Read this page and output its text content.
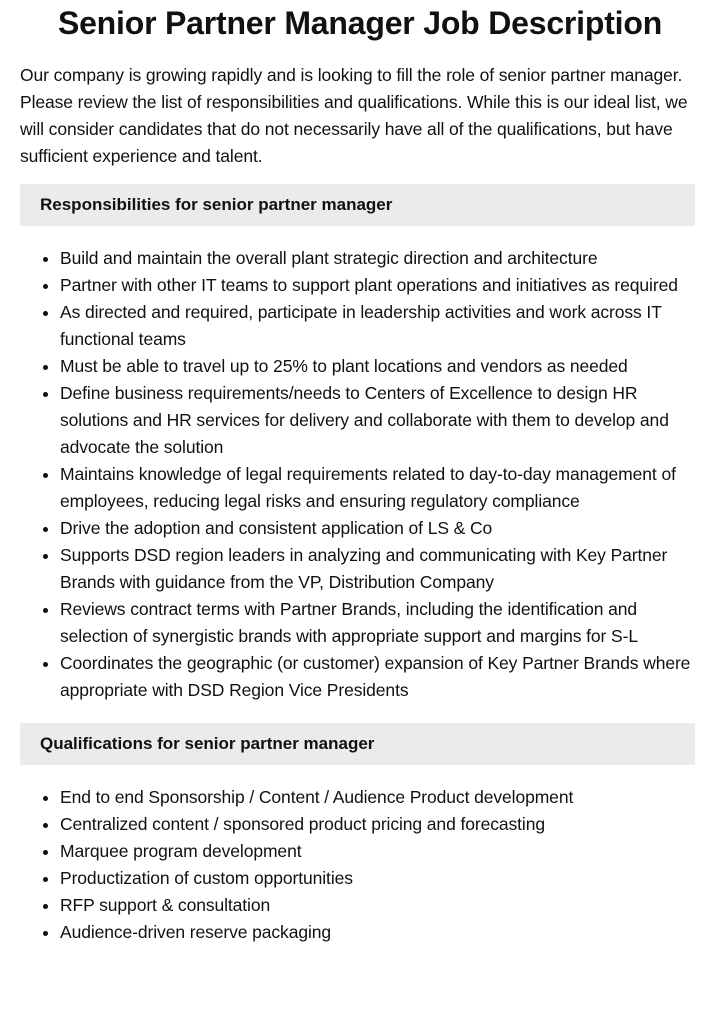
Senior Partner Manager Job Description

Our company is growing rapidly and is looking to fill the role of senior partner manager. Please review the list of responsibilities and qualifications. While this is our ideal list, we will consider candidates that do not necessarily have all of the qualifications, but have sufficient experience and talent.

Responsibilities for senior partner manager
• Build and maintain the overall plant strategic direction and architecture
• Partner with other IT teams to support plant operations and initiatives as required
• As directed and required, participate in leadership activities and work across IT functional teams
• Must be able to travel up to 25% to plant locations and vendors as needed
• Define business requirements/needs to Centers of Excellence to design HR solutions and HR services for delivery and collaborate with them to develop and advocate the solution
• Maintains knowledge of legal requirements related to day-to-day management of employees, reducing legal risks and ensuring regulatory compliance
• Drive the adoption and consistent application of LS & Co
• Supports DSD region leaders in analyzing and communicating with Key Partner Brands with guidance from the VP, Distribution Company
• Reviews contract terms with Partner Brands, including the identification and selection of synergistic brands with appropriate support and margins for S-L
• Coordinates the geographic (or customer) expansion of Key Partner Brands where appropriate with DSD Region Vice Presidents
Qualifications for senior partner manager
• End to end Sponsorship / Content / Audience Product development
• Centralized content / sponsored product pricing and forecasting
• Marquee program development
• Productization of custom opportunities
• RFP support & consultation
• Audience-driven reserve packaging
